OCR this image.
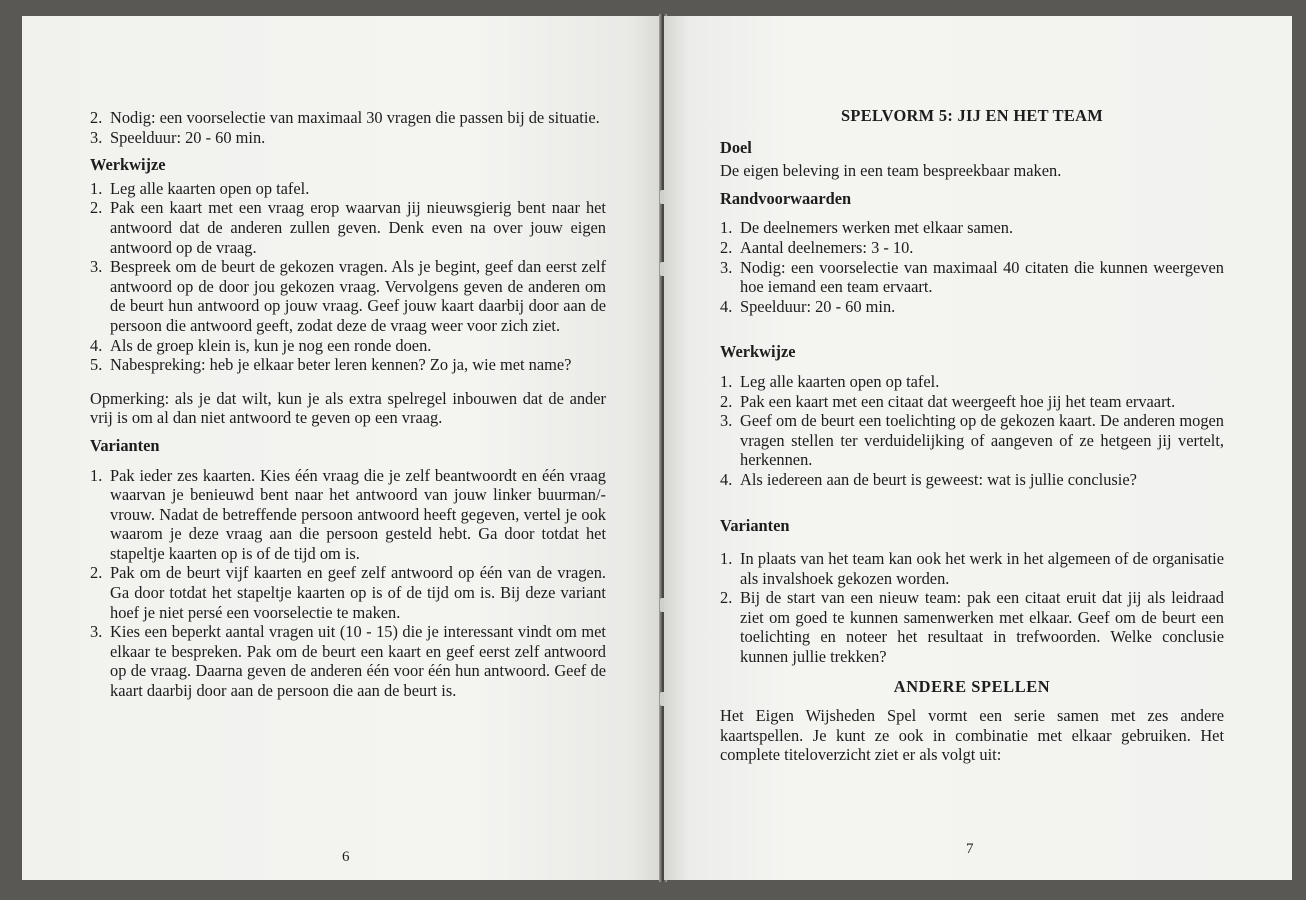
2. Nodig: een voorselectie van maximaal 30 vragen die passen bij de situatie.
3. Speelduur: 20 - 60 min.
Werkwijze
1. Leg alle kaarten open op tafel.
2. Pak een kaart met een vraag erop waarvan jij nieuwsgierig bent naar het antwoord dat de anderen zullen geven. Denk even na over jouw eigen antwoord op de vraag.
3. Bespreek om de beurt de gekozen vragen. Als je begint, geef dan eerst zelf antwoord op de door jou gekozen vraag. Vervolgens geven de anderen om de beurt hun antwoord op jouw vraag. Geef jouw kaart daarbij door aan de persoon die antwoord geeft, zodat deze de vraag weer voor zich ziet.
4. Als de groep klein is, kun je nog een ronde doen.
5. Nabespreking: heb je elkaar beter leren kennen? Zo ja, wie met name?

Opmerking: als je dat wilt, kun je als extra spelregel inbouwen dat de ander vrij is om al dan niet antwoord te geven op een vraag.

Varianten
1. Pak ieder zes kaarten. Kies één vraag die je zelf beantwoordt en één vraag waarvan je benieuwd bent naar het antwoord van jouw linker buurman/-vrouw. Nadat de betreffende persoon antwoord heeft gegeven, vertel je ook waarom je deze vraag aan die persoon gesteld hebt. Ga door totdat het stapeltje kaarten op is of de tijd om is.
2. Pak om de beurt vijf kaarten en geef zelf antwoord op één van de vragen. Ga door totdat het stapeltje kaarten op is of de tijd om is. Bij deze variant hoef je niet persé een voorselectie te maken.
3. Kies een beperkt aantal vragen uit (10 - 15) die je interessant vindt om met elkaar te bespreken. Pak om de beurt een kaart en geef eerst zelf antwoord op de vraag. Daarna geven de anderen één voor één hun antwoord. Geef de kaart daarbij door aan de persoon die aan de beurt is.
6
SPELVORM 5: JIJ EN HET TEAM
Doel

De eigen beleving in een team bespreekbaar maken.

Randvoorwaarden
1. De deelnemers werken met elkaar samen.
2. Aantal deelnemers: 3 - 10.
3. Nodig: een voorselectie van maximaal 40 citaten die kunnen weergeven hoe iemand een team ervaart.
4. Speelduur: 20 - 60 min.
Werkwijze
1. Leg alle kaarten open op tafel.
2. Pak een kaart met een citaat dat weergeeft hoe jij het team ervaart.
3. Geef om de beurt een toelichting op de gekozen kaart. De anderen mogen vragen stellen ter verduidelijking of aangeven of ze hetgeen jij vertelt, herkennen.
4. Als iedereen aan de beurt is geweest: wat is jullie conclusie?
Varianten
1. In plaats van het team kan ook het werk in het algemeen of de organisatie als invalshoek gekozen worden.
2. Bij de start van een nieuw team: pak een citaat eruit dat jij als leidraad ziet om goed te kunnen samenwerken met elkaar. Geef om de beurt een toelichting en noteer het resultaat in trefwoorden. Welke conclusie kunnen jullie trekken?
ANDERE SPELLEN

Het Eigen Wijsheden Spel vormt een serie samen met zes andere kaartspellen. Je kunt ze ook in combinatie met elkaar gebruiken. Het complete titeloverzicht ziet er als volgt uit:

7
